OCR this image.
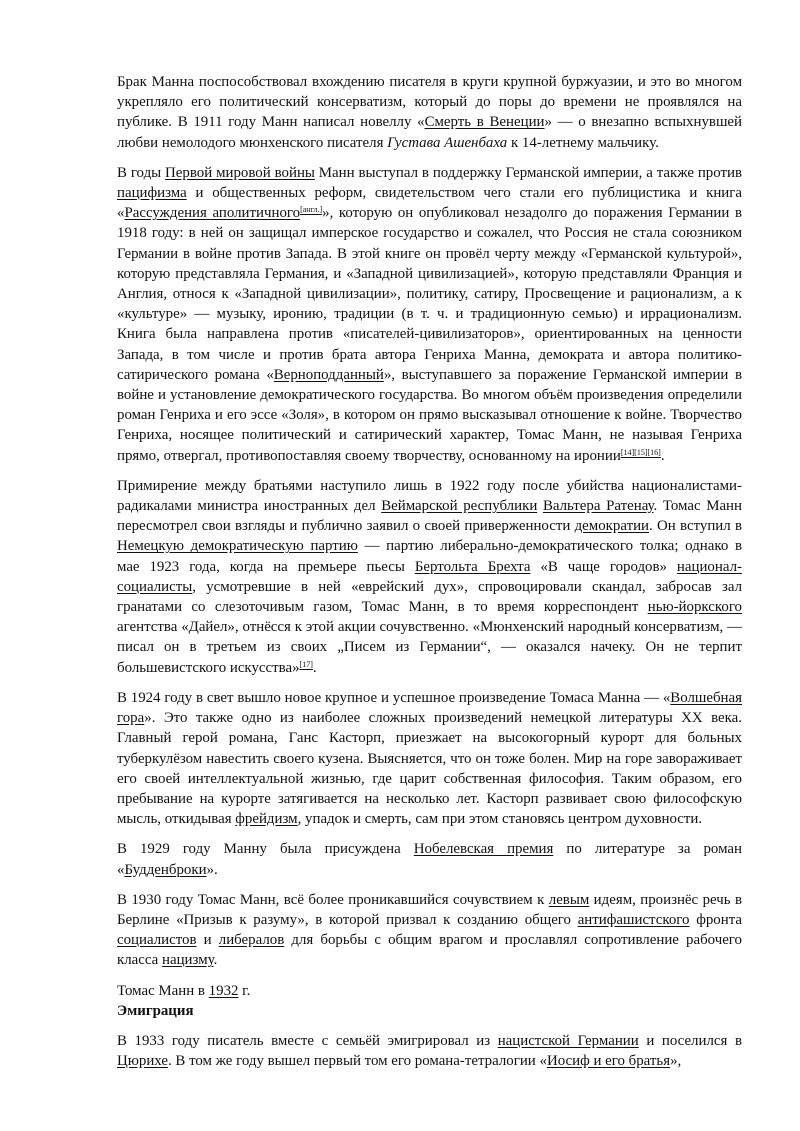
Брак Манна поспособствовал вхождению писателя в круги крупной буржуазии, и это во многом укрепляло его политический консерватизм, который до поры до времени не проявлялся на публике. В 1911 году Манн написал новеллу «Смерть в Венеции» — о внезапно вспыхнувшей любви немолодого мюнхенского писателя Густава Ашенбаха к 14-летнему мальчику.

В годы Первой мировой войны Манн выступал в поддержку Германской империи, а также против пацифизма и общественных реформ, свидетельством чего стали его публицистика и книга «Рассуждения аполитичного[англ.]», которую он опубликовал незадолго до поражения Германии в 1918 году: в ней он защищал имперское государство и сожалел, что Россия не стала союзником Германии в войне против Запада. В этой книге он провёл черту между «Германской культурой», которую представляла Германия, и «Западной цивилизацией», которую представляли Франция и Англия, относя к «Западной цивилизации», политику, сатиру, Просвещение и рационализм, а к «культуре» — музыку, иронию, традиции (в т. ч. и традиционную семью) и иррационализм. Книга была направлена против «писателей-цивилизаторов», ориентированных на ценности Запада, в том числе и против брата автора Генриха Манна, демократа и автора политико-сатирического романа «Верноподданный», выступавшего за поражение Германской империи в войне и установление демократического государства. Во многом объём произведения определили роман Генриха и его эссе «Золя», в котором он прямо высказывал отношение к войне. Творчество Генриха, носящее политический и сатирический характер, Томас Манн, не называя Генриха прямо, отвергал, противопоставляя своему творчеству, основанному на иронии[14][15][16].

Примирение между братьями наступило лишь в 1922 году после убийства националистами-радикалами министра иностранных дел Веймарской республики Вальтера Ратенау. Томас Манн пересмотрел свои взгляды и публично заявил о своей приверженности демократии. Он вступил в Немецкую демократическую партию — партию либерально-демократического толка; однако в мае 1923 года, когда на премьере пьесы Бертольта Брехта «В чаще городов» национал-социалисты, усмотревшие в ней «еврейский дух», спровоцировали скандал, забросав зал гранатами со слезоточивым газом, Томас Манн, в то время корреспондент нью-йоркского агентства «Дайел», отнёсся к этой акции сочувственно. «Мюнхенский народный консерватизм, — писал он в третьем из своих „Писем из Германии“, — оказался начеку. Он не терпит большевистского искусства»[17].

В 1924 году в свет вышло новое крупное и успешное произведение Томаса Манна — «Волшебная гора». Это также одно из наиболее сложных произведений немецкой литературы XX века. Главный герой романа, Ганс Касторп, приезжает на высокогорный курорт для больных туберкулёзом навестить своего кузена. Выясняется, что он тоже болен. Мир на горе завораживает его своей интеллектуальной жизнью, где царит собственная философия. Таким образом, его пребывание на курорте затягивается на несколько лет. Касторп развивает свою философскую мысль, откидывая фрейдизм, упадок и смерть, сам при этом становясь центром духовности.

В 1929 году Манну была присуждена Нобелевская премия по литературе за роман «Будденброки».

В 1930 году Томас Манн, всё более проникавшийся сочувствием к левым идеям, произнёс речь в Берлине «Призыв к разуму», в которой призвал к созданию общего антифашистского фронта социалистов и либералов для борьбы с общим врагом и прославлял сопротивление рабочего класса нацизму.

Томас Манн в 1932 г.
Эмиграция

В 1933 году писатель вместе с семьёй эмигрировал из нацистской Германии и поселился в Цюрихе. В том же году вышел первый том его романа-тетралогии «Иосиф и его братья»,
